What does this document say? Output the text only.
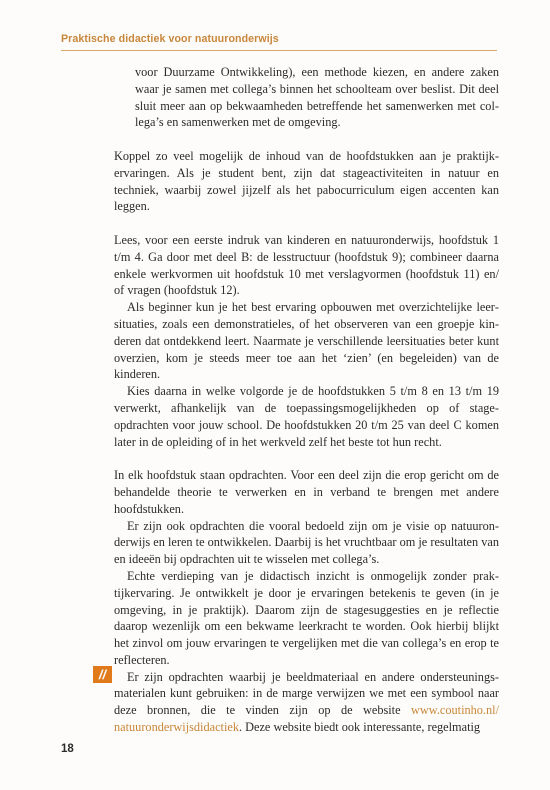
Praktische didactiek voor natuuronderwijs

voor Duurzame Ontwikkeling), een methode kiezen, en andere zaken waar je samen met collega’s binnen het schoolteam over beslist. Dit deel sluit meer aan op bekwaamheden betreffende het samenwerken met collega’s en samenwerken met de omgeving.

Koppel zo veel mogelijk de inhoud van de hoofdstukken aan je praktijkervaringen. Als je student bent, zijn dat stageactiviteiten in natuur en techniek, waarbij zowel jijzelf als het pabocurriculum eigen accenten kan leggen.

Lees, voor een eerste indruk van kinderen en natuuronderwijs, hoofdstuk 1 t/m 4. Ga door met deel B: de lesstructuur (hoofdstuk 9); combineer daarna enkele werkvormen uit hoofdstuk 10 met verslagvormen (hoofdstuk 11) en/ of vragen (hoofdstuk 12).

Als beginner kun je het best ervaring opbouwen met overzichtelijke leersituaties, zoals een demonstratieles, of het observeren van een groepje kinderen dat ontdekkend leert. Naarmate je verschillende leersituaties beter kunt overzien, kom je steeds meer toe aan het ‘zien’ (en begeleiden) van de kinderen.

Kies daarna in welke volgorde je de hoofdstukken 5 t/m 8 en 13 t/m 19 verwerkt, afhankelijk van de toepassingsmogelijkheden op of stageopdrachten voor jouw school. De hoofdstukken 20 t/m 25 van deel C komen later in de opleiding of in het werkveld zelf het beste tot hun recht.

In elk hoofdstuk staan opdrachten. Voor een deel zijn die erop gericht om de behandelde theorie te verwerken en in verband te brengen met andere hoofdstukken.

Er zijn ook opdrachten die vooral bedoeld zijn om je visie op natuuronderwijs en leren te ontwikkelen. Daarbij is het vruchtbaar om je resultaten van en ideeën bij opdrachten uit te wisselen met collega’s.

Echte verdieping van je didactisch inzicht is onmogelijk zonder praktijkervaring. Je ontwikkelt je door je ervaringen betekenis te geven (in je omgeving, in je praktijk). Daarom zijn de stagesuggesties en je reflectie daarop wezenlijk om een bekwame leerkracht te worden. Ook hierbij blijkt het zinvol om jouw ervaringen te vergelijken met die van collega’s en erop te reflecteren.

Er zijn opdrachten waarbij je beeldmateriaal en andere ondersteuningsmaterialen kunt gebruiken: in de marge verwijzen we met een symbool naar deze bronnen, die te vinden zijn op de website www.coutinho.nl/ natuuronderwijsdidactiek. Deze website biedt ook interessante, regelmatig

//
18
